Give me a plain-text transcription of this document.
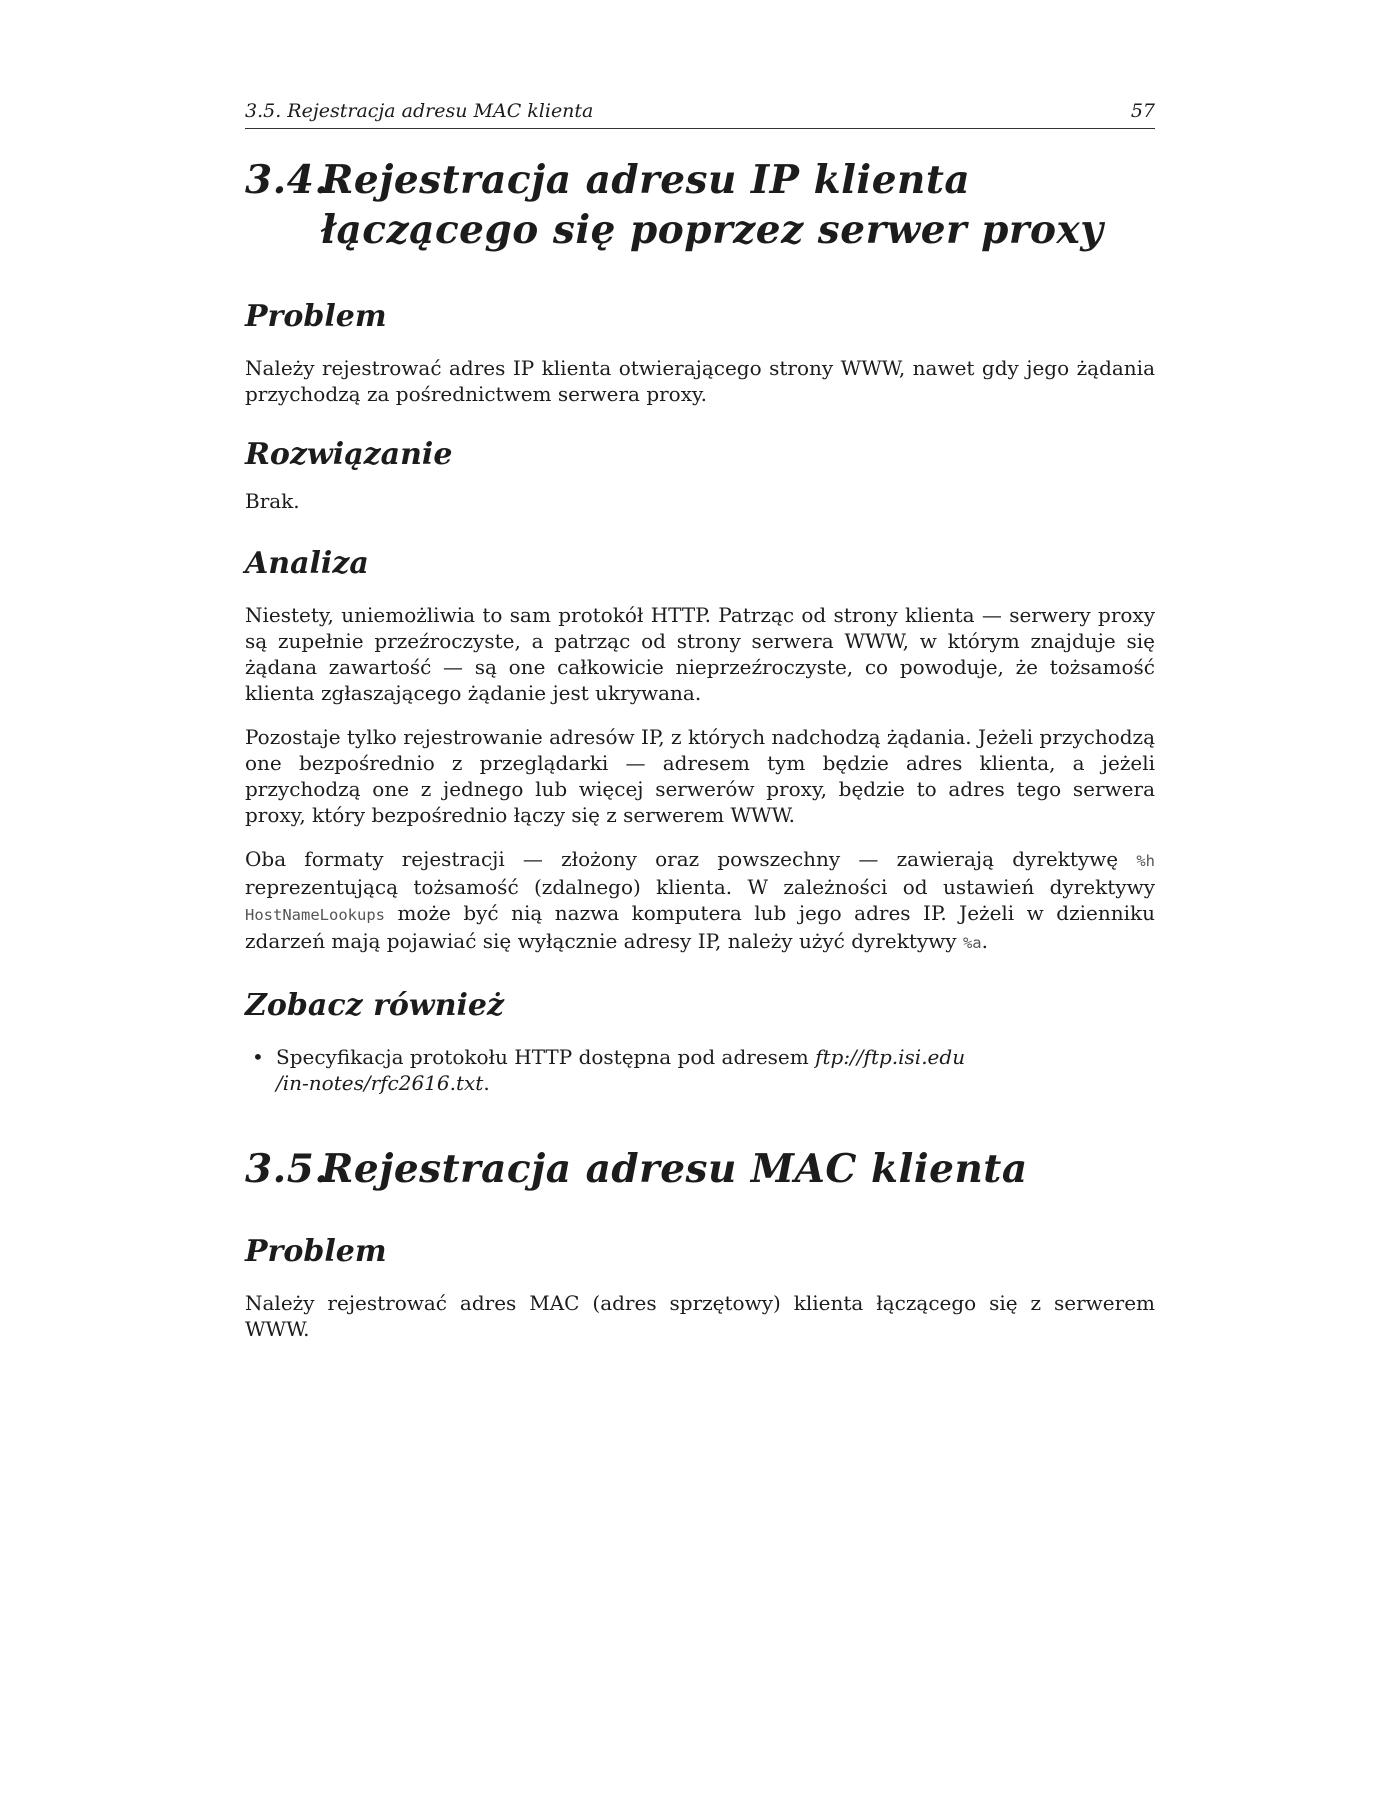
3.5. Rejestracja adresu MAC klienta	57
3.4.Rejestracja adresu IP klienta
łączącego się poprzez serwer proxy
Problem

Należy rejestrować adres IP klienta otwierającego strony WWW, nawet gdy jego żądania przychodzą za pośrednictwem serwera proxy.

Rozwiązanie

Brak.

Analiza

Niestety, uniemożliwia to sam protokół HTTP. Patrząc od strony klienta — serwery proxy są zupełnie przeźroczyste, a patrząc od strony serwera WWW, w którym znajduje się żądana zawartość — są one całkowicie nieprzeźroczyste, co powoduje, że tożsamość klienta zgłaszającego żądanie jest ukrywana.

Pozostaje tylko rejestrowanie adresów IP, z których nadchodzą żądania. Jeżeli przychodzą one bezpośrednio z przeglądarki — adresem tym będzie adres klienta, a jeżeli przychodzą one z jednego lub więcej serwerów proxy, będzie to adres tego serwera proxy, który bezpośrednio łączy się z serwerem WWW.

Oba formaty rejestracji — złożony oraz powszechny — zawierają dyrektywę %h reprezentującą tożsamość (zdalnego) klienta. W zależności od ustawień dyrektywy HostNameLookups może być nią nazwa komputera lub jego adres IP. Jeżeli w dzienniku zdarzeń mają pojawiać się wyłącznie adresy IP, należy użyć dyrektywy %a.

Zobacz również
• Specyfikacja protokołu HTTP dostępna pod adresem ftp://ftp.isi.edu
/in-notes/rfc2616.txt.
3.5.Rejestracja adresu MAC klienta
Problem

Należy rejestrować adres MAC (adres sprzętowy) klienta łączącego się z serwerem WWW.
